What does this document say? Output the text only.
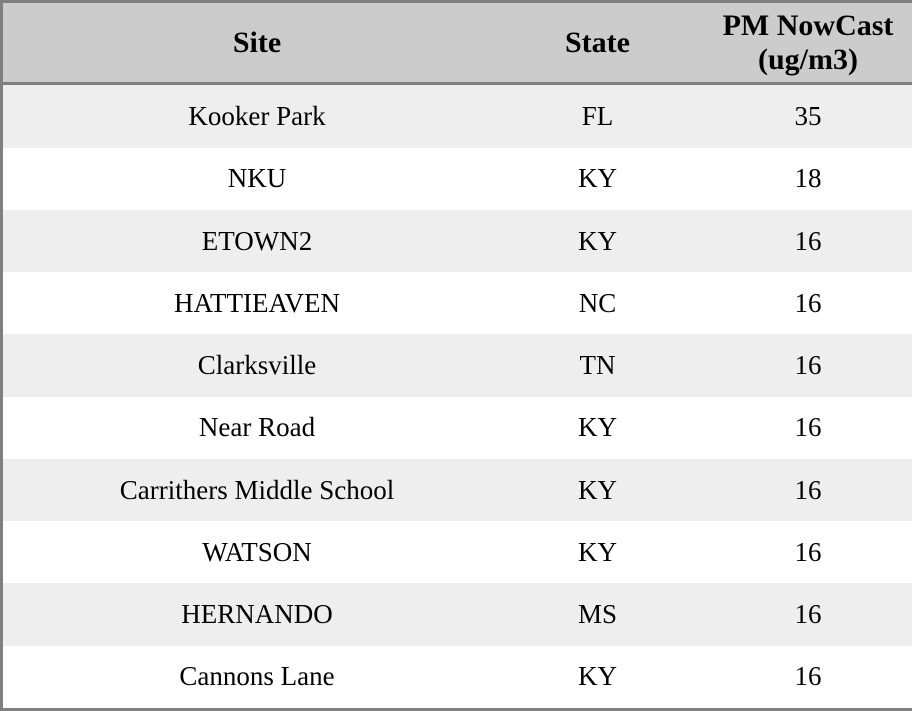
Site	State	PM NowCast (ug/m3)
Kooker Park	FL	35
NKU	KY	18
ETOWN2	KY	16
HATTIEAVEN	NC	16
Clarksville	TN	16
Near Road	KY	16
Carrithers Middle School	KY	16
WATSON	KY	16
HERNANDO	MS	16
Cannons Lane	KY	16
